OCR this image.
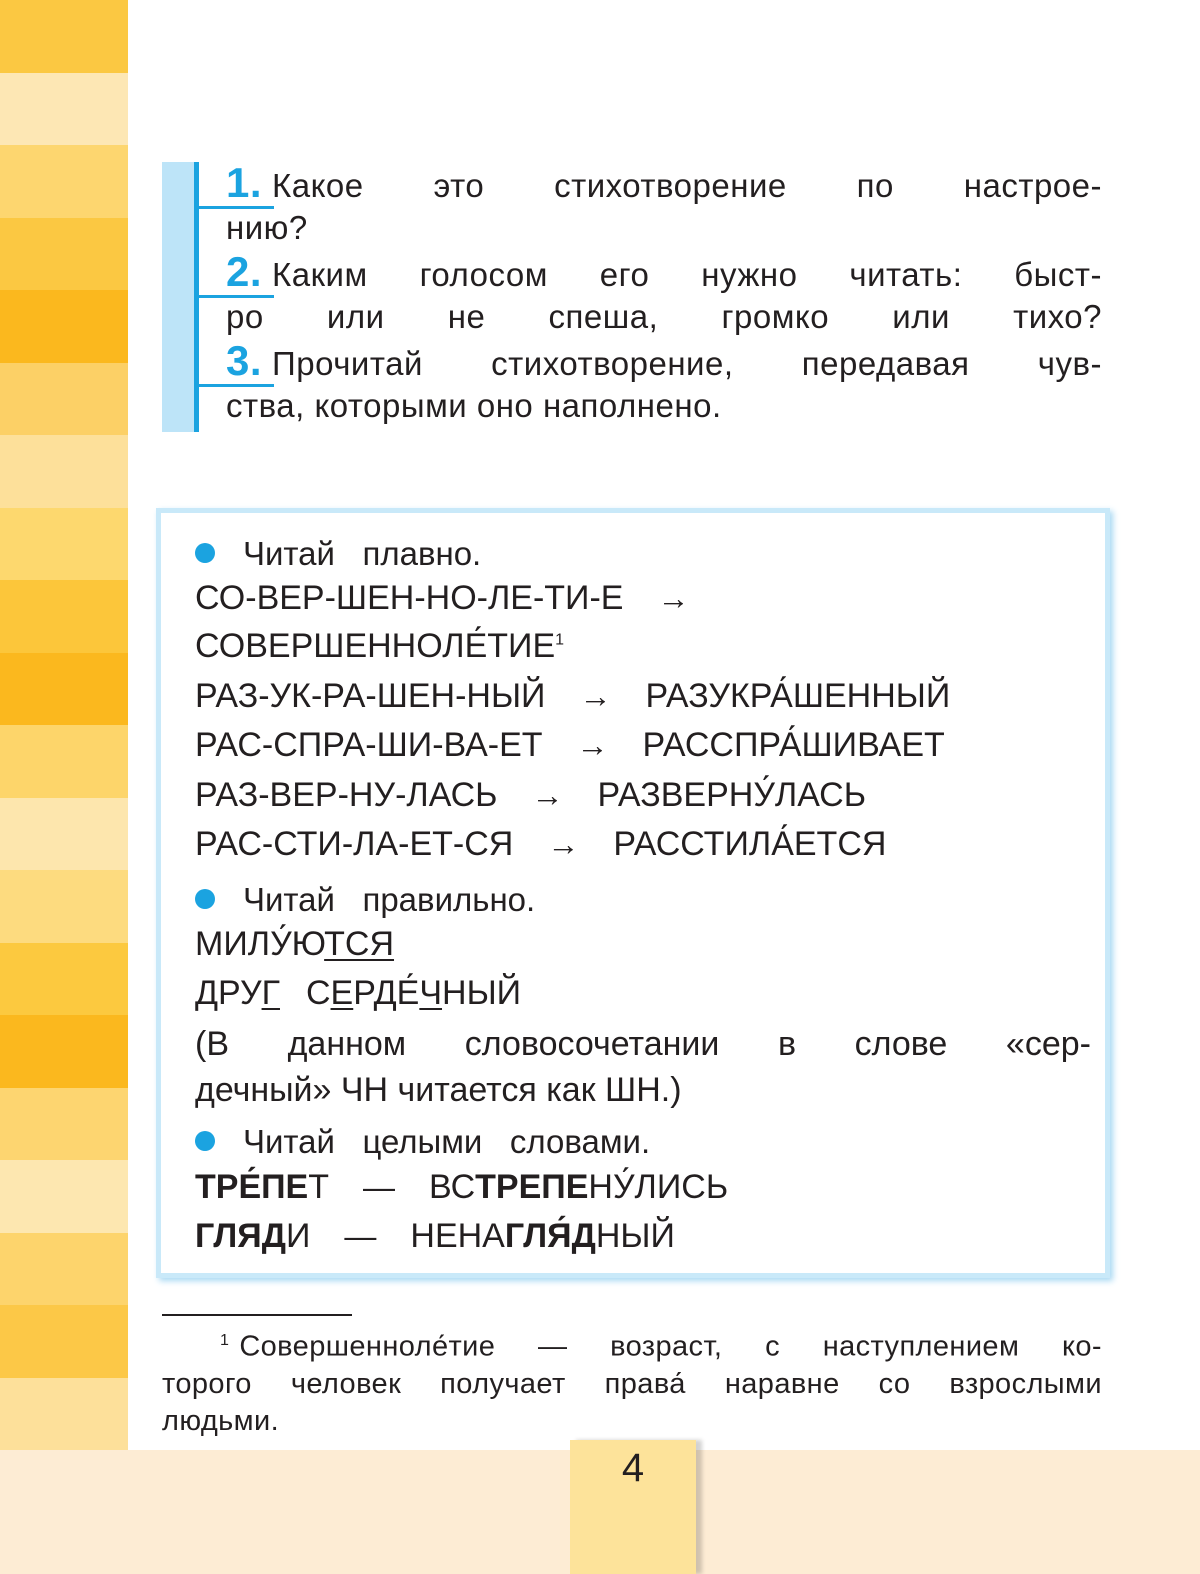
1. Какое это стихотворение по настрое-
нию?
2. Каким голосом его нужно читать: быст-
ро или не спеша, громко или тихо?
3. Прочитай стихотворение, передавая чув-
ства, которыми оно наполнено.
Читай   плавно.
СО-ВЕР-ШЕН-НО-ЛЕ-ТИ-Е →
$СОВЕРШЕННОЛЕ́ТИЕ^1$
РАЗ-УК-РА-ШЕН-НЫЙ → РАЗУКРА́ШЕННЫЙ
РАС-СПРА-ШИ-ВА-ЕТ → РАССПРА́ШИВАЕТ
РАЗ-ВЕР-НУ-ЛАСЬ → РАЗВЕРНУ́ЛАСЬ
РАС-СТИ-ЛА-ЕТ-СЯ → РАССТИЛА́ЕТСЯ
Читай   правильно.
МИЛУ́ЮТСЯ
ДРУГ СЕРДЕ́ЧНЫЙ
(В данном словосочетании в слове «сер-
дечный» ЧН читается как ШН.)
Читай   целыми   словами.
ТРЕ́ПЕТ — ВСТРЕПЕНУ́ЛИСЬ
ГЛЯДИ — НЕНАГЛЯ́ДНЫЙ
$^1$ Совершенноле́тие — возраст, с наступлением ко-
торого человек получает права́ наравне со взрослыми
людьми.
4
